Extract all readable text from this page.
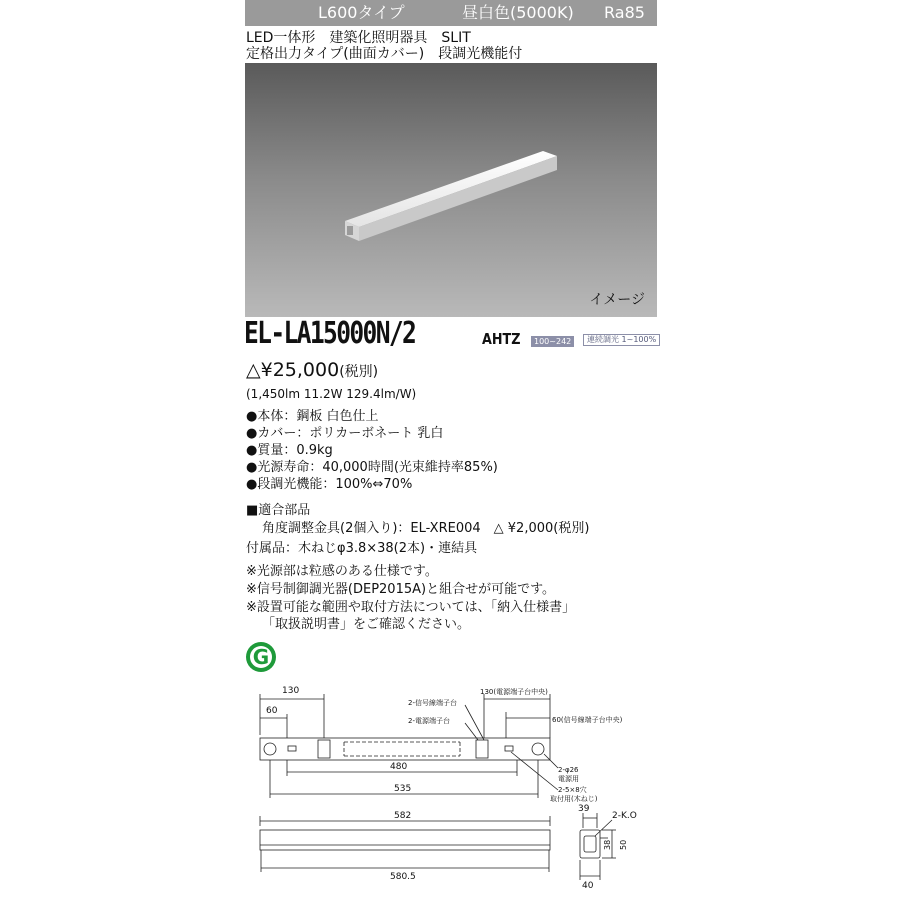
L600タイプ	昼白色(5000K) Ra85
LED一体形　建築化照明器具　SLIT
定格出力タイプ(曲面カバー)　段調光機能付
イメージ
EL-LA15000N/2	AHTZ	100~242	連続調光 1~100%
△¥25,000(税別)
(1,450lm 11.2W 129.4lm/W)
●本体：鋼板 白色仕上
●カバー：ポリカーボネート 乳白
●質量：0.9kg
●光源寿命：40,000時間(光束維持率85%)
●段調光機能：100%⇔70%
■適合部品
角度調整金具(2個入り)：EL-XRE004　△ ¥2,000(税別)
付属品：木ねじφ3.8×38(2本)・連結具
※光源部は粒感のある仕様です。
※信号制御調光器(DEP2015A)と組合せが可能です。
※設置可能な範囲や取付方法については、「納入仕様書」
「取扱説明書」をご確認ください。
G
130
60
480
535
582
580.5
39
38 50
40
2-信号線端子台
2-電源端子台
130(電源端子台中央)
60(信号線端子台中央)
2-φ26
電源用
2-5×8穴
取付用(木ねじ)
2-K.O
